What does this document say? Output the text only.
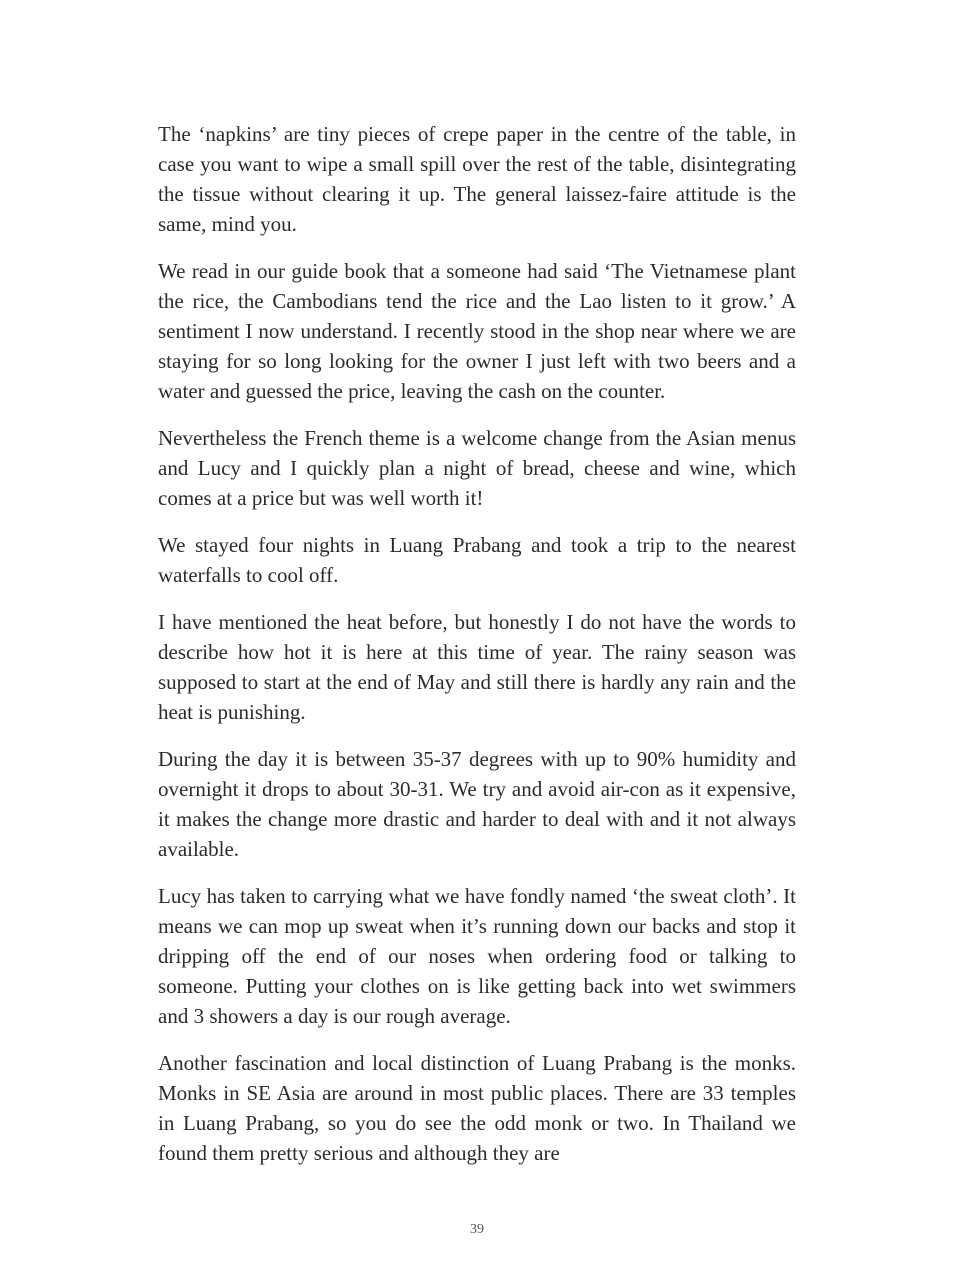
The ‘napkins’ are tiny pieces of crepe paper in the centre of the table, in case you want to wipe a small spill over the rest of the table, disintegrating the tissue without clearing it up. The general laissez-faire attitude is the same, mind you.

We read in our guide book that a someone had said ‘The Vietnamese plant the rice, the Cambodians tend the rice and the Lao listen to it grow.’ A sentiment I now understand. I recently stood in the shop near where we are staying for so long looking for the owner I just left with two beers and a water and guessed the price, leaving the cash on the counter.

Nevertheless the French theme is a welcome change from the Asian menus and Lucy and I quickly plan a night of bread, cheese and wine, which comes at a price but was well worth it!

We stayed four nights in Luang Prabang and took a trip to the nearest waterfalls to cool off.

I have mentioned the heat before, but honestly I do not have the words to describe how hot it is here at this time of year. The rainy season was supposed to start at the end of May and still there is hardly any rain and the heat is punishing.

During the day it is between 35-37 degrees with up to 90% humidity and overnight it drops to about 30-31. We try and avoid air-con as it expensive, it makes the change more drastic and harder to deal with and it not always available.

Lucy has taken to carrying what we have fondly named ‘the sweat cloth’. It means we can mop up sweat when it’s running down our backs and stop it dripping off the end of our noses when ordering food or talking to someone. Putting your clothes on is like getting back into wet swimmers and 3 showers a day is our rough average.

Another fascination and local distinction of Luang Prabang is the monks. Monks in SE Asia are around in most public places. There are 33 temples in Luang Prabang, so you do see the odd monk or two. In Thailand we found them pretty serious and although they are

39
